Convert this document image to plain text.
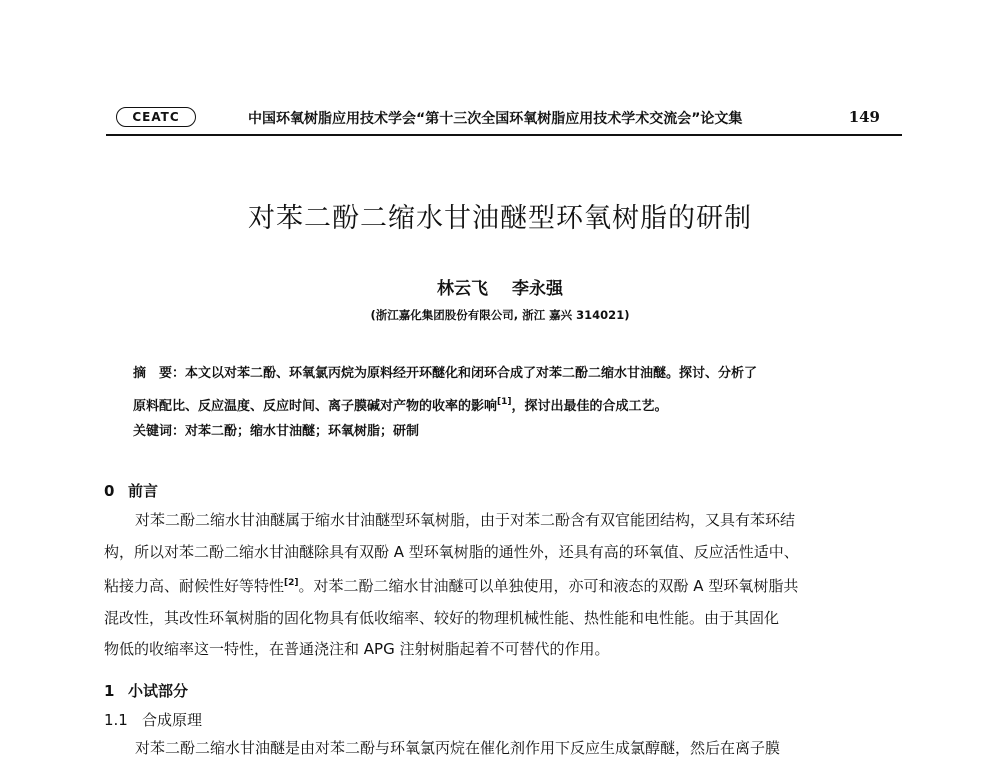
CEATC	中国环氧树脂应用技术学会“第十三次全国环氧树脂应用技术学术交流会”论文集	149
对苯二酚二缩水甘油醚型环氧树脂的研制
林云飞 李永强
(浙江嘉化集团股份有限公司, 浙江 嘉兴 314021)
摘　要：本文以对苯二酚、环氧氯丙烷为原料经开环醚化和闭环合成了对苯二酚二缩水甘油醚。探讨、分析了
原料配比、反应温度、反应时间、离子膜碱对产物的收率的影响[1]，探讨出最佳的合成工艺。
关键词：对苯二酚；缩水甘油醚；环氧树脂；研制
0 前言
对苯二酚二缩水甘油醚属于缩水甘油醚型环氧树脂，由于对苯二酚含有双官能团结构，又具有苯环结
构，所以对苯二酚二缩水甘油醚除具有双酚 A 型环氧树脂的通性外，还具有高的环氧值、反应活性适中、
粘接力高、耐候性好等特性[2]。对苯二酚二缩水甘油醚可以单独使用，亦可和液态的双酚 A 型环氧树脂共
混改性，其改性环氧树脂的固化物具有低收缩率、较好的物理机械性能、热性能和电性能。由于其固化
物低的收缩率这一特性，在普通浇注和 APG 注射树脂起着不可替代的作用。
1 小试部分
1.1 合成原理
对苯二酚二缩水甘油醚是由对苯二酚与环氧氯丙烷在催化剂作用下反应生成氯醇醚，然后在离子膜
